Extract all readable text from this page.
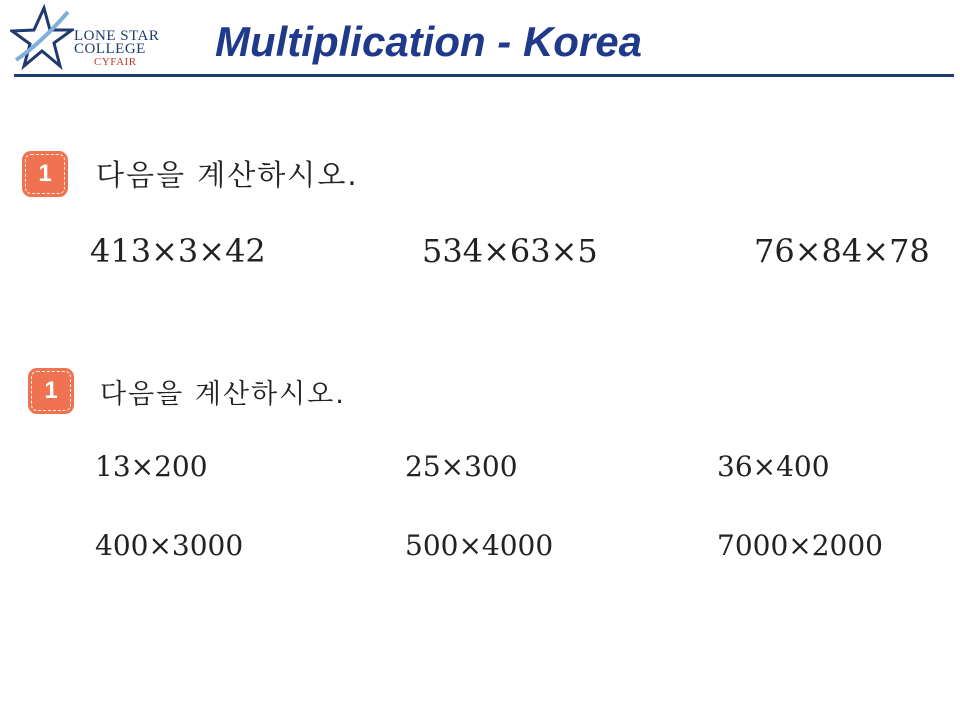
LONE STAR
COLLEGE
CYFAIR	Multiplication - Korea
1	다음을 계산하시오.
413×3×42	534×63×5	76×84×78
1	다음을 계산하시오.
13×200	25×300	36×400
400×3000	500×4000	7000×2000
